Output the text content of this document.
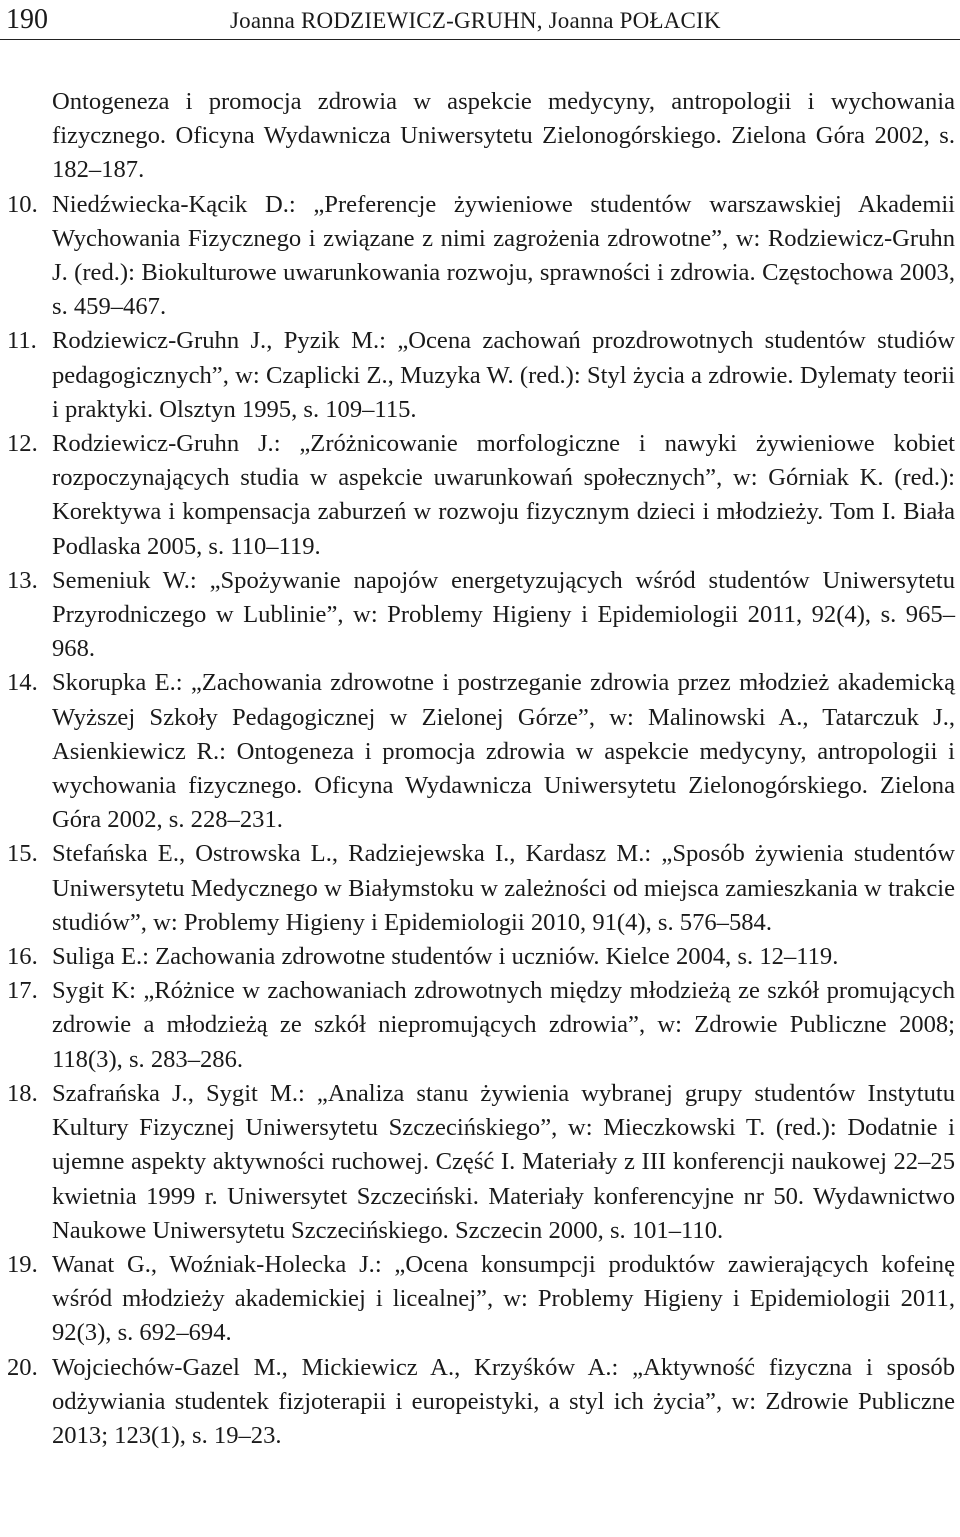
190	Joanna RODZIEWICZ-GRUHN, Joanna POŁACIK
Ontogeneza i promocja zdrowia w aspekcie medycyny, antropologii i wychowania fizycznego. Oficyna Wydawnicza Uniwersytetu Zielonogórskiego. Zielona Góra 2002, s. 182–187.
10. Niedźwiecka-Kącik D.: „Preferencje żywieniowe studentów warszawskiej Akademii Wychowania Fizycznego i związane z nimi zagrożenia zdrowotne”, w: Rodziewicz-Gruhn J. (red.): Biokulturowe uwarunkowania rozwoju, sprawności i zdrowia. Częstochowa 2003, s. 459–467.
11. Rodziewicz-Gruhn J., Pyzik M.: „Ocena zachowań prozdrowotnych studentów studiów pedagogicznych”, w: Czaplicki Z., Muzyka W. (red.): Styl życia a zdrowie. Dylematy teorii i praktyki. Olsztyn 1995, s. 109–115.
12. Rodziewicz-Gruhn J.: „Zróżnicowanie morfologiczne i nawyki żywieniowe kobiet rozpoczynających studia w aspekcie uwarunkowań społecznych”, w: Górniak K. (red.): Korektywa i kompensacja zaburzeń w rozwoju fizycznym dzieci i młodzieży. Tom I. Biała Podlaska 2005, s. 110–119.
13. Semeniuk W.: „Spożywanie napojów energetyzujących wśród studentów Uniwersytetu Przyrodniczego w Lublinie”, w: Problemy Higieny i Epidemiologii 2011, 92(4), s. 965–968.
14. Skorupka E.: „Zachowania zdrowotne i postrzeganie zdrowia przez młodzież akademicką Wyższej Szkoły Pedagogicznej w Zielonej Górze”, w: Malinowski A., Tatarczuk J., Asienkiewicz R.: Ontogeneza i promocja zdrowia w aspekcie medycyny, antropologii i wychowania fizycznego. Oficyna Wydawnicza Uniwersytetu Zielonogórskiego. Zielona Góra 2002, s. 228–231.
15. Stefańska E., Ostrowska L., Radziejewska I., Kardasz M.: „Sposób żywienia studentów Uniwersytetu Medycznego w Białymstoku w zależności od miejsca zamieszkania w trakcie studiów”, w: Problemy Higieny i Epidemiologii 2010, 91(4), s. 576–584.
16. Suliga E.: Zachowania zdrowotne studentów i uczniów. Kielce 2004, s. 12–119.
17. Sygit K: „Różnice w zachowaniach zdrowotnych między młodzieżą ze szkół promujących zdrowie a młodzieżą ze szkół niepromujących zdrowia”, w: Zdrowie Publiczne 2008; 118(3), s. 283–286.
18. Szafrańska J., Sygit M.: „Analiza stanu żywienia wybranej grupy studentów Instytutu Kultury Fizycznej Uniwersytetu Szczecińskiego”, w: Mieczkowski T. (red.): Dodatnie i ujemne aspekty aktywności ruchowej. Część I. Materiały z III konferencji naukowej 22–25 kwietnia 1999 r. Uniwersytet Szczeciński. Materiały konferencyjne nr 50. Wydawnictwo Naukowe Uniwersytetu Szczecińskiego. Szczecin 2000, s. 101–110.
19. Wanat G., Woźniak-Holecka J.: „Ocena konsumpcji produktów zawierających kofeinę wśród młodzieży akademickiej i licealnej”, w: Problemy Higieny i Epidemiologii 2011, 92(3), s. 692–694.
20. Wojciechów-Gazel M., Mickiewicz A., Krzyśków A.: „Aktywność fizyczna i sposób odżywiania studentek fizjoterapii i europeistyki, a styl ich życia”, w: Zdrowie Publiczne 2013; 123(1), s. 19–23.
